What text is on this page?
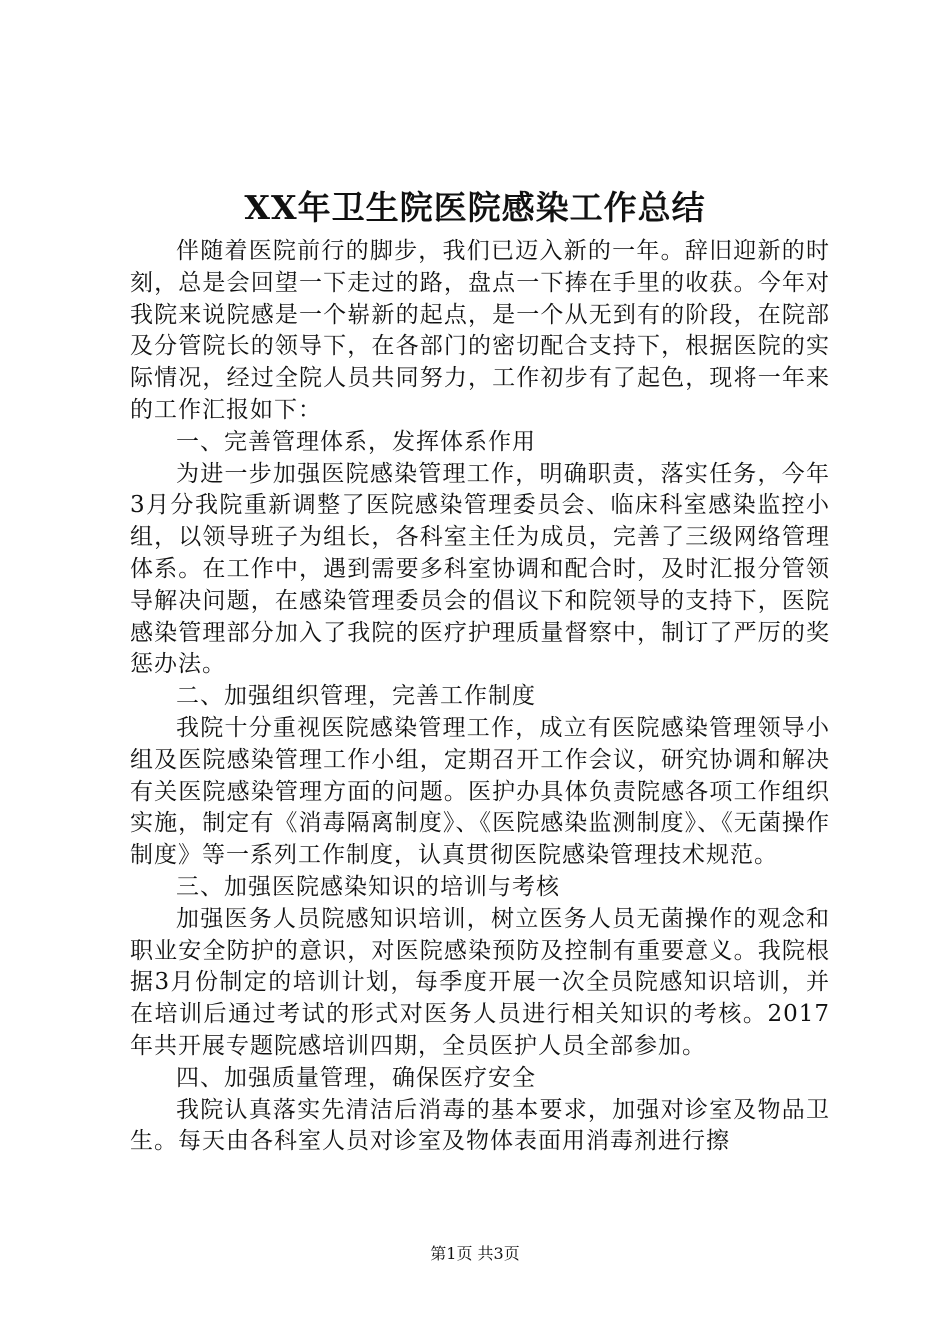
XX年卫生院医院感染工作总结

伴随着医院前行的脚步，我们已迈入新的一年。辞旧迎新的时刻，总是会回望一下走过的路，盘点一下捧在手里的收获。今年对我院来说院感是一个崭新的起点，是一个从无到有的阶段，在院部及分管院长的领导下，在各部门的密切配合支持下，根据医院的实际情况，经过全院人员共同努力，工作初步有了起色，现将一年来的工作汇报如下：

一、完善管理体系，发挥体系作用

为进一步加强医院感染管理工作，明确职责，落实任务，今年3月分我院重新调整了医院感染管理委员会、临床科室感染监控小组，以领导班子为组长，各科室主任为成员，完善了三级网络管理体系。在工作中，遇到需要多科室协调和配合时，及时汇报分管领导解决问题，在感染管理委员会的倡议下和院领导的支持下，医院感染管理部分加入了我院的医疗护理质量督察中，制订了严厉的奖惩办法。

二、加强组织管理，完善工作制度

我院十分重视医院感染管理工作，成立有医院感染管理领导小组及医院感染管理工作小组，定期召开工作会议，研究协调和解决有关医院感染管理方面的问题。医护办具体负责院感各项工作组织实施，制定有《消毒隔离制度》、《医院感染监测制度》、《无菌操作制度》等一系列工作制度，认真贯彻医院感染管理技术规范。

三、加强医院感染知识的培训与考核

加强医务人员院感知识培训，树立医务人员无菌操作的观念和职业安全防护的意识，对医院感染预防及控制有重要意义。我院根据3月份制定的培训计划，每季度开展一次全员院感知识培训，并在培训后通过考试的形式对医务人员进行相关知识的考核。2017年共开展专题院感培训四期，全员医护人员全部参加。

四、加强质量管理，确保医疗安全

我院认真落实先清洁后消毒的基本要求，加强对诊室及物品卫生。每天由各科室人员对诊室及物体表面用消毒剂进行擦

第1页 共3页
